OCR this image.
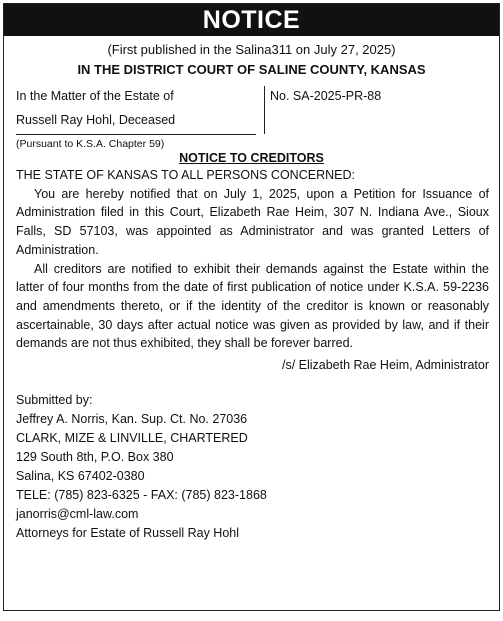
NOTICE
(First published in the Salina311 on July 27, 2025)
IN THE DISTRICT COURT OF SALINE COUNTY, KANSAS
In the Matter of the Estate of
Russell Ray Hohl, Deceased
(Pursuant to K.S.A. Chapter 59)
No. SA-2025-PR-88
NOTICE TO CREDITORS

THE STATE OF KANSAS TO ALL PERSONS CONCERNED:

You are hereby notified that on July 1, 2025, upon a Petition for Issuance of Administration filed in this Court, Elizabeth Rae Heim, 307 N. Indiana Ave., Sioux Falls, SD 57103, was appointed as Administrator and was granted Letters of Administration.

All creditors are notified to exhibit their demands against the Estate within the latter of four months from the date of first publication of notice under K.S.A. 59-2236 and amendments thereto, or if the identity of the creditor is known or reasonably ascertainable, 30 days after actual notice was given as provided by law, and if their demands are not thus exhibited, they shall be forever barred.

/s/ Elizabeth Rae Heim, Administrator

Submitted by:
Jeffrey A. Norris, Kan. Sup. Ct. No. 27036
CLARK, MIZE & LINVILLE, CHARTERED
129 South 8th, P.O. Box 380
Salina, KS 67402-0380
TELE: (785) 823-6325 - FAX: (785) 823-1868
janorris@cml-law.com
Attorneys for Estate of Russell Ray Hohl
